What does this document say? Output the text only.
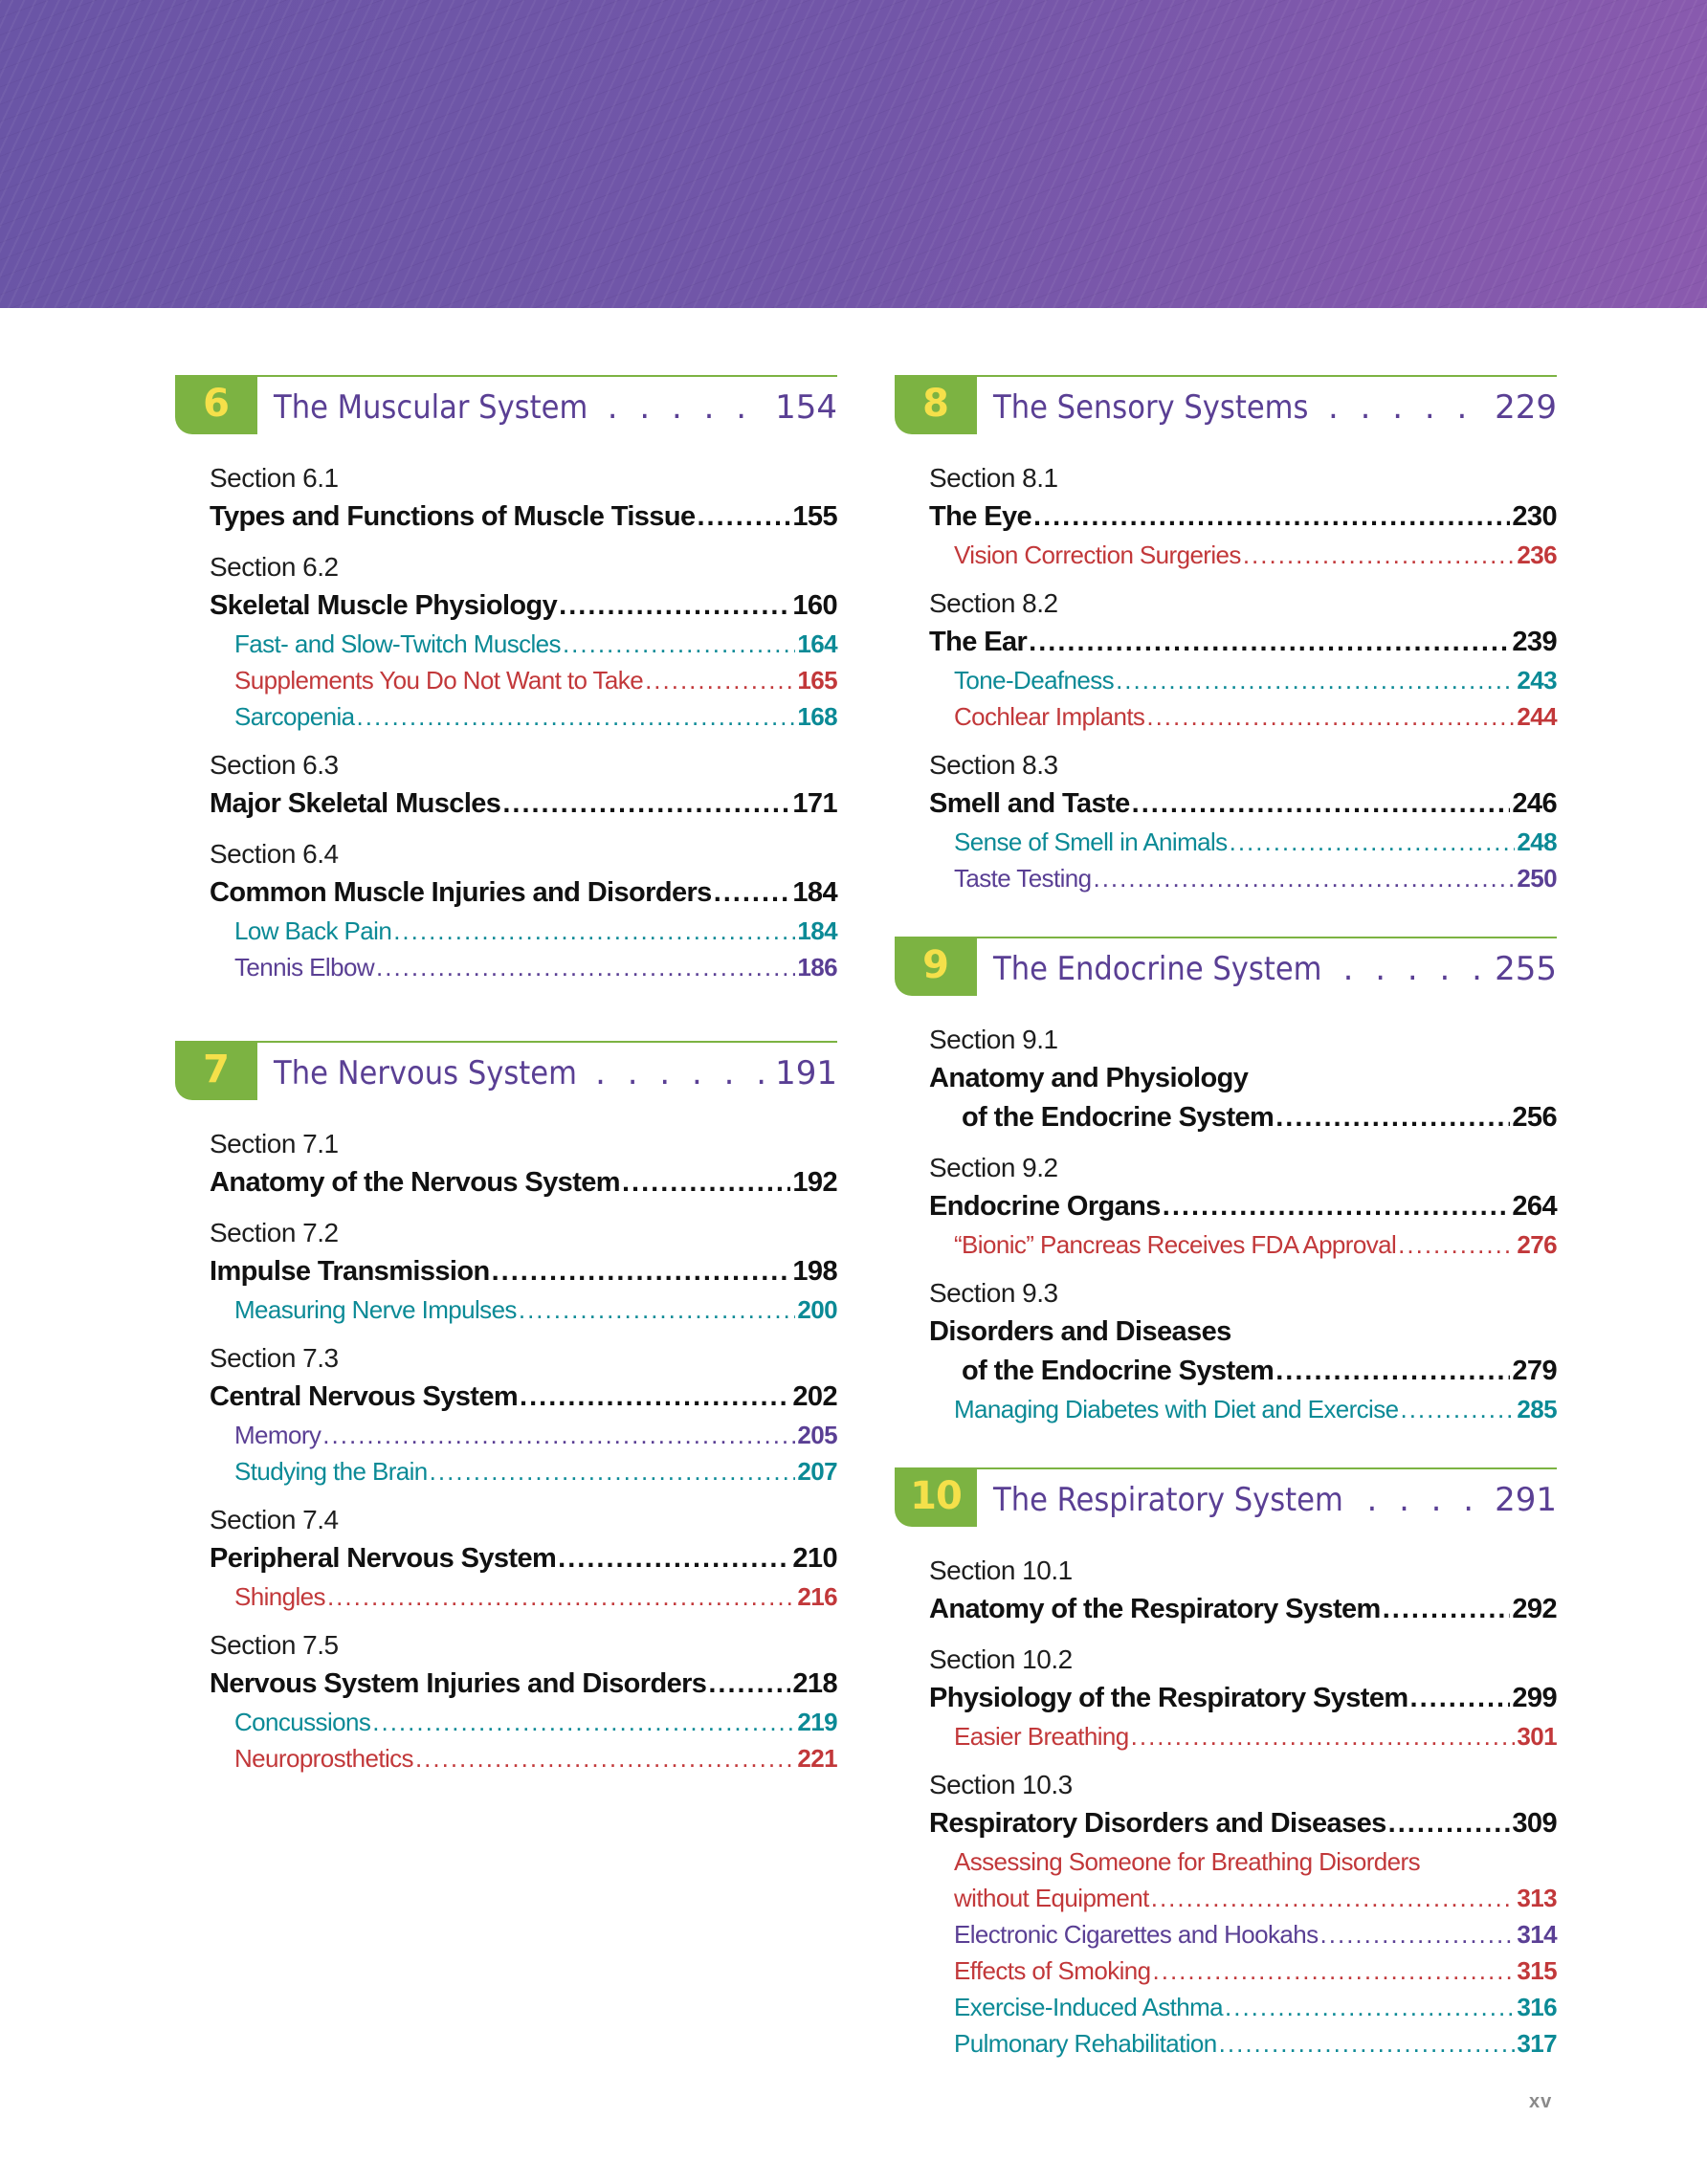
6	The Muscular System . . .	154
Section 6.1
Types and Functions of Muscle Tissue .....	155
Section 6.2
Skeletal Muscle Physiology .....	160
Fast- and Slow-Twitch Muscles .....	164
Supplements You Do Not Want to Take .....	165
Sarcopenia .....	168
Section 6.3
Major Skeletal Muscles .....	171
Section 6.4
Common Muscle Injuries and Disorders .....	184
Low Back Pain .....	184
Tennis Elbow .....	186
7	The Nervous System . . .	191
Section 7.1
Anatomy of the Nervous System .....	192
Section 7.2
Impulse Transmission .....	198
Measuring Nerve Impulses .....	200
Section 7.3
Central Nervous System .....	202
Memory .....	205
Studying the Brain .....	207
Section 7.4
Peripheral Nervous System .....	210
Shingles .....	216
Section 7.5
Nervous System Injuries and Disorders .....	218
Concussions .....	219
Neuroprosthetics .....	221
8	The Sensory Systems . . .	229
Section 8.1
The Eye .....	230
Vision Correction Surgeries .....	236
Section 8.2
The Ear .....	239
Tone-Deafness .....	243
Cochlear Implants .....	244
Section 8.3
Smell and Taste .....	246
Sense of Smell in Animals .....	248
Taste Testing .....	250
9	The Endocrine System . . .	255
Section 9.1
Anatomy and Physiology
of the Endocrine System .....	256
Section 9.2
Endocrine Organs .....	264
“Bionic” Pancreas Receives FDA Approval .....	276
Section 9.3
Disorders and Diseases
of the Endocrine System .....	279
Managing Diabetes with Diet and Exercise .....	285
10 The Respiratory System . . .	291
Section 10.1
Anatomy of the Respiratory System .....	292
Section 10.2
Physiology of the Respiratory System .....	299
Easier Breathing .....	301
Section 10.3
Respiratory Disorders and Diseases .....	309
Assessing Someone for Breathing Disorders
without Equipment .....	313
Electronic Cigarettes and Hookahs .....	314
Effects of Smoking .....	315
Exercise-Induced Asthma .....	316
Pulmonary Rehabilitation .....	317
xv
